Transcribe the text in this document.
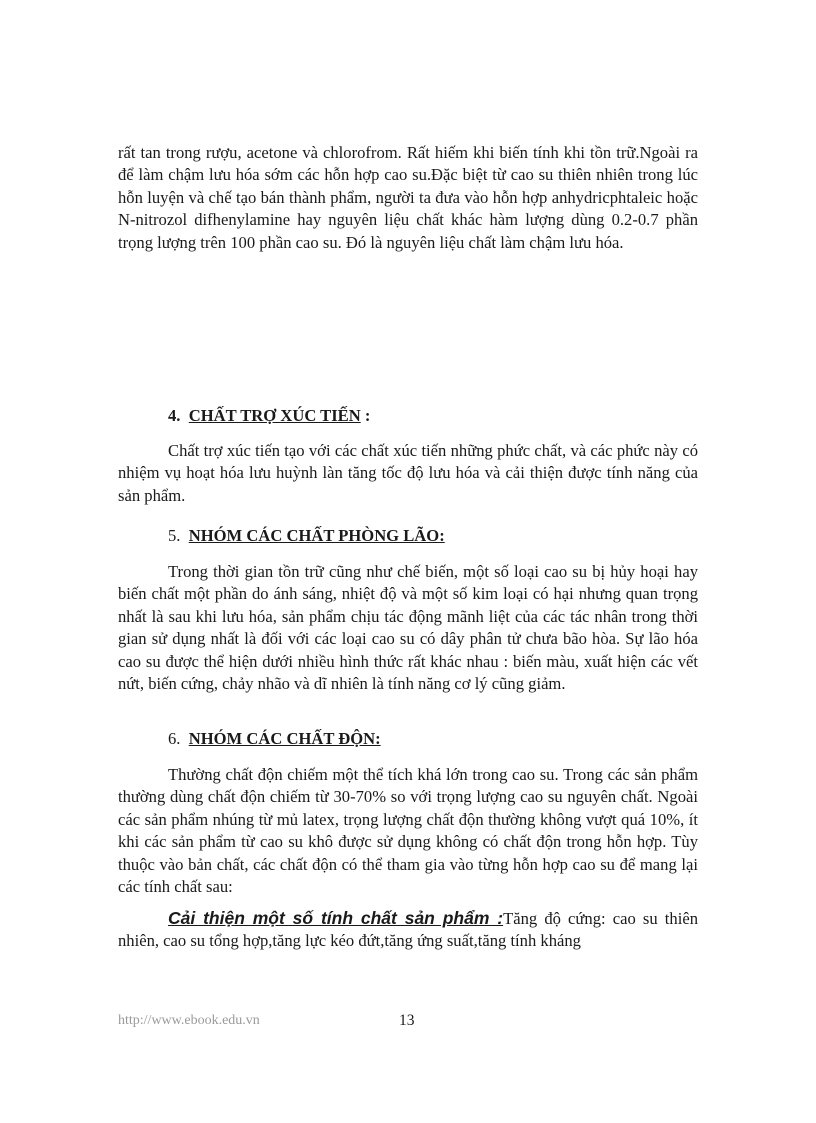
rất tan trong rượu, acetone và chlorofrom. Rất hiếm khi biến tính khi tồn trữ.Ngoài ra để làm chậm lưu hóa sớm các hỗn hợp cao su.Đặc biệt từ cao su thiên nhiên trong lúc hỗn luyện và chế tạo bán thành phẩm, người ta đưa vào hỗn hợp anhydricphtaleic hoặc N-nitrozol difhenylamine hay nguyên liệu chất khác hàm lượng dùng 0.2-0.7 phần trọng lượng trên 100 phần cao su. Đó là nguyên liệu chất làm chậm lưu hóa.

4. CHẤT TRỢ XÚC TIẾN :

Chất trợ xúc tiến tạo với các chất xúc tiến những phức chất, và các phức này có nhiệm vụ hoạt hóa lưu huỳnh làn tăng tốc độ lưu hóa và cải thiện được tính năng của sản phẩm.

5. NHÓM CÁC CHẤT PHÒNG LÃO:

Trong thời gian tồn trữ cũng như chế biến, một số loại cao su bị hủy hoại hay biến chất một phần do ánh sáng, nhiệt độ và một số kim loại có hại nhưng quan trọng nhất là sau khi lưu hóa, sản phẩm chịu tác động mãnh liệt của các tác nhân trong thời gian sử dụng nhất là đối với các loại cao su có dây phân tử chưa bão hòa. Sự lão hóa cao su được thể hiện dưới nhiều hình thức rất khác nhau : biến màu, xuất hiện các vết nứt, biến cứng, chảy nhão và dĩ nhiên là tính năng cơ lý cũng giảm.

6. NHÓM CÁC CHẤT ĐỘN:

Thường chất độn chiếm một thể tích khá lớn trong cao su. Trong các sản phẩm thường dùng chất độn chiếm từ 30-70% so với trọng lượng cao su nguyên chất. Ngoài các sản phẩm nhúng từ mủ latex, trọng lượng chất độn thường không vượt quá 10%, ít khi các sản phẩm từ cao su khô được sử dụng không có chất độn trong hỗn hợp. Tùy thuộc vào bản chất, các chất độn có thể tham gia vào từng hỗn hợp cao su để mang lại các tính chất sau:

Cải thiện một số tính chất sản phẩm :Tăng độ cứng: cao su thiên nhiên, cao su tổng hợp,tăng lực kéo đứt,tăng ứng suất,tăng tính kháng

http://www.ebook.edu.vn	13
